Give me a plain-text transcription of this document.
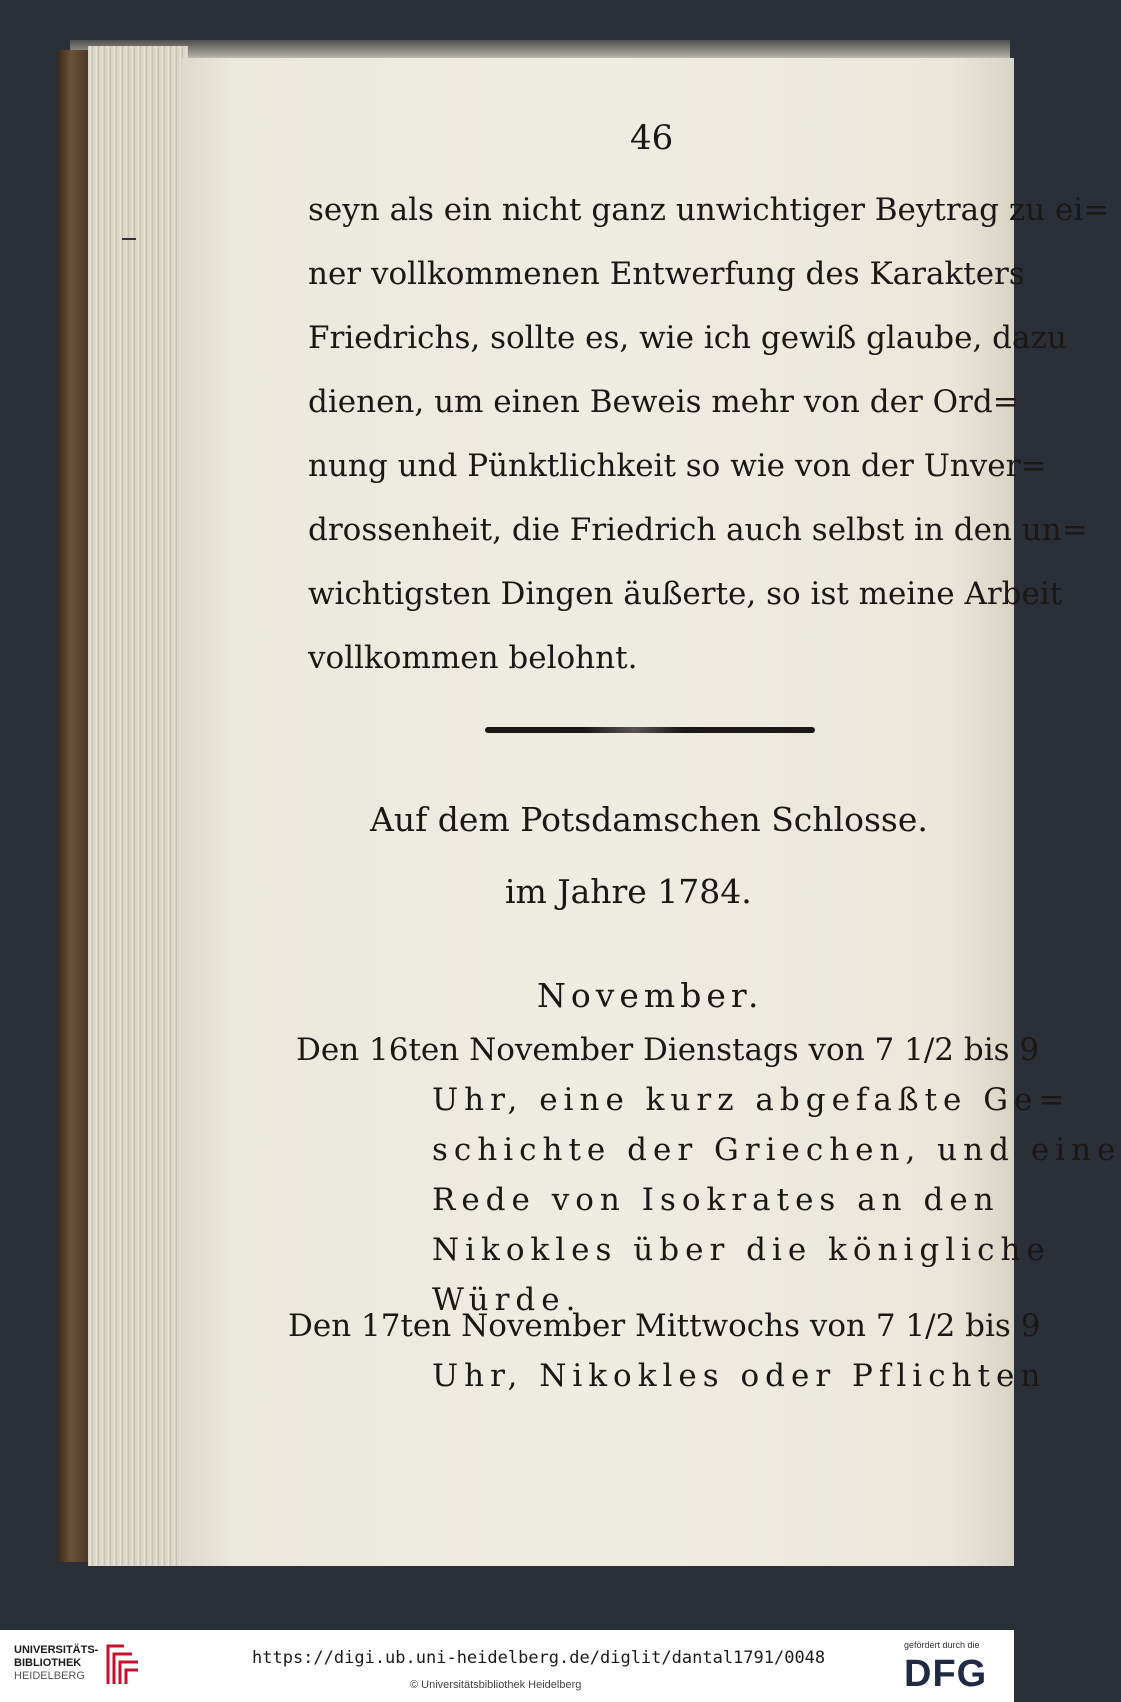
46
seyn als ein nicht ganz unwichtiger Beytrag zu ei=
ner vollkommenen Entwerfung des Karakters
Friedrichs, sollte es, wie ich gewiß glaube, dazu
dienen, um einen Beweis mehr von der Ord=
nung und Pünktlichkeit so wie von der Unver=
drossenheit, die Friedrich auch selbst in den un=
wichtigsten Dingen äußerte, so ist meine Arbeit
vollkommen belohnt.
Auf dem Potsdamschen Schlosse.
im Jahre 1784.
November.
Den 16ten November Dienstags von 7 1/2 bis 9
Uhr, eine kurz abgefaßte Ge=
schichte der Griechen, und eine
Rede von Isokrates an den
Nikokles über die königliche
Würde.
Den 17ten November Mittwochs von 7 1/2 bis 9
Uhr, Nikokles oder Pflichten
UNIVERSITÄTS-
BIBLIOTHEK
HEIDELBERG
https://digi.ub.uni-heidelberg.de/diglit/dantal1791/0048
© Universitätsbibliothek Heidelberg
gefördert durch die
DFG
